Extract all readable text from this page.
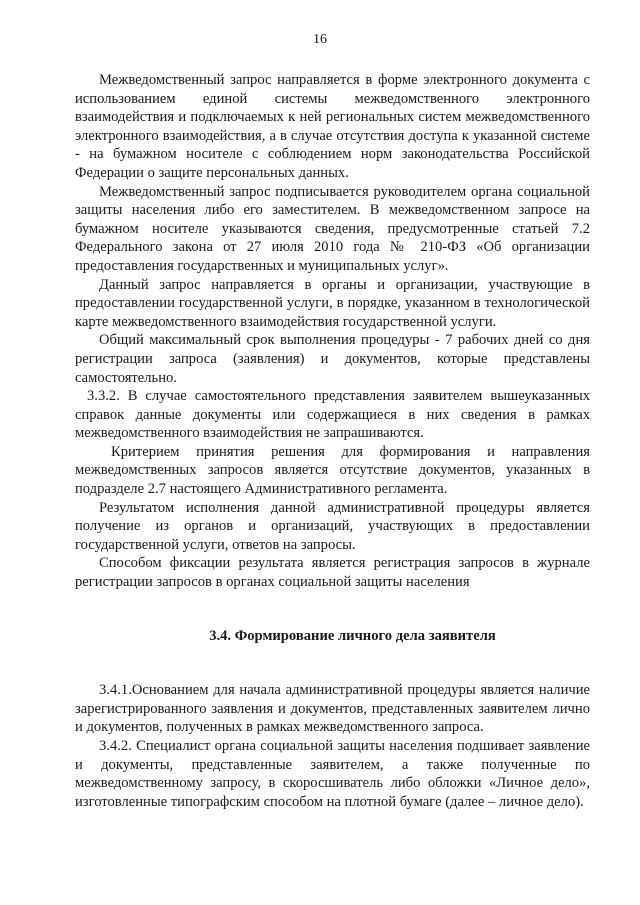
16

Межведомственный запрос направляется в форме электронного документа с использованием единой системы межведомственного электронного взаимодействия и подключаемых к ней региональных систем межведомственного электронного взаимодействия, а в случае отсутствия доступа к указанной системе - на бумажном носителе с соблюдением норм законодательства Российской Федерации о защите персональных данных.

Межведомственный запрос подписывается руководителем органа социальной защиты населения либо его заместителем. В межведомственном запросе на бумажном носителе указываются сведения, предусмотренные статьей 7.2 Федерального закона от 27 июля 2010 года № 210-ФЗ «Об организации предоставления государственных и муниципальных услуг».

Данный запрос направляется в органы и организации, участвующие в предоставлении государственной услуги, в порядке, указанном в технологической карте межведомственного взаимодействия государственной услуги.

Общий максимальный срок выполнения процедуры - 7 рабочих дней со дня регистрации запроса (заявления) и документов, которые представлены самостоятельно.

3.3.2. В случае самостоятельного представления заявителем вышеуказанных справок данные документы или содержащиеся в них сведения в рамках межведомственного взаимодействия не запрашиваются.

Критерием принятия решения для формирования и направления межведомственных запросов является отсутствие документов, указанных в подразделе 2.7 настоящего Административного регламента.

Результатом исполнения данной административной процедуры является получение из органов и организаций, участвующих в предоставлении государственной услуги, ответов на запросы.

Способом фиксации результата является регистрация запросов в журнале регистрации запросов в органах социальной защиты населения

3.4. Формирование личного дела заявителя

3.4.1.Основанием для начала административной процедуры является наличие зарегистрированного заявления и документов, представленных заявителем лично и документов, полученных в рамках межведомственного запроса.

3.4.2. Специалист органа социальной защиты населения подшивает заявление и документы, представленные заявителем, а также полученные по межведомственному запросу, в скоросшиватель либо обложки «Личное дело», изготовленные типографским способом на плотной бумаге (далее – личное дело).
